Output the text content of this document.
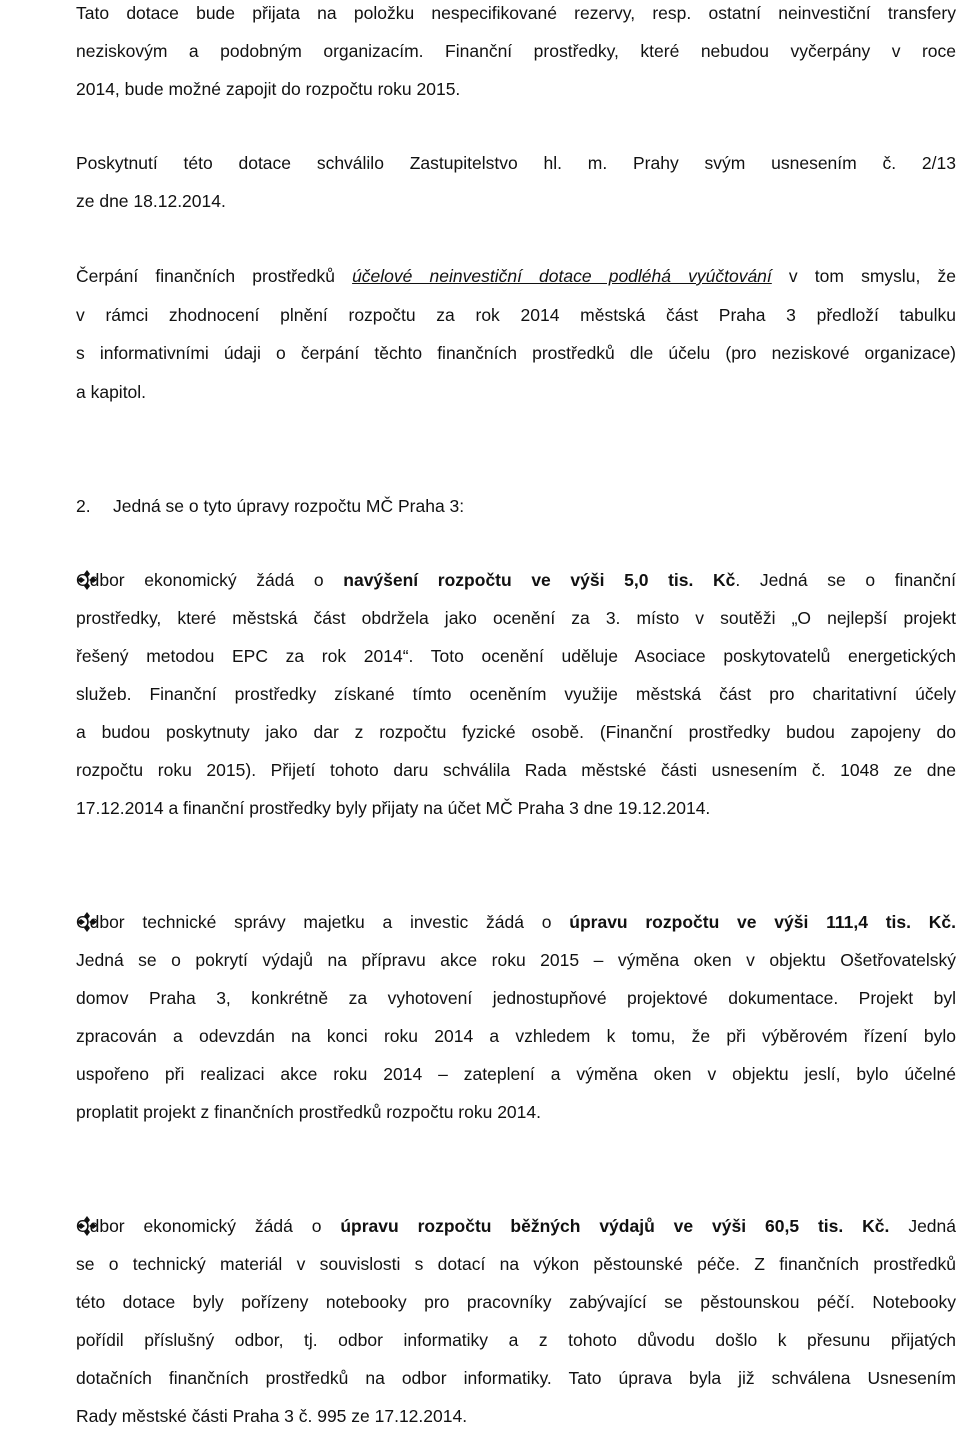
Tato dotace bude přijata na položku nespecifikované rezervy, resp. ostatní neinvestiční transfery
neziskovým a podobným organizacím. Finanční prostředky, které nebudou vyčerpány v roce
2014, bude možné zapojit do rozpočtu roku 2015.
Poskytnutí této dotace schválilo Zastupitelstvo hl. m. Prahy svým usnesením č. 2/13
ze dne 18.12.2014.
Čerpání finančních prostředků účelové neinvestiční dotace podléhá vyúčtování v tom smyslu, že
v rámci zhodnocení plnění rozpočtu za rok 2014 městská část Praha 3 předloží tabulku
s informativními údaji o čerpání těchto finančních prostředků dle účelu (pro neziskové organizace)
a kapitol.
2.	Jedná se o tyto úpravy rozpočtu MČ Praha 3:
Odbor ekonomický žádá o navýšení rozpočtu ve výši 5,0 tis. Kč. Jedná se o finanční
prostředky, které městská část obdržela jako ocenění za 3. místo v soutěži „O nejlepší projekt
řešený metodou EPC za rok 2014“. Toto ocenění uděluje Asociace poskytovatelů energetických
služeb. Finanční prostředky získané tímto oceněním využije městská část pro charitativní účely
a budou poskytnuty jako dar z rozpočtu fyzické osobě. (Finanční prostředky budou zapojeny do
rozpočtu roku 2015). Přijetí tohoto daru schválila Rada městské části usnesením č. 1048 ze dne
17.12.2014 a finanční prostředky byly přijaty na účet MČ Praha 3 dne 19.12.2014.
Odbor technické správy majetku a investic žádá o úpravu rozpočtu ve výši 111,4 tis. Kč.
Jedná se o pokrytí výdajů na přípravu akce roku 2015 – výměna oken v objektu Ošetřovatelský
domov Praha 3, konkrétně za vyhotovení jednostupňové projektové dokumentace. Projekt byl
zpracován a odevzdán na konci roku 2014 a vzhledem k tomu, že při výběrovém řízení bylo
uspořeno při realizaci akce roku 2014 – zateplení a výměna oken v objektu jeslí, bylo účelné
proplatit projekt z finančních prostředků rozpočtu roku 2014.
Odbor ekonomický žádá o úpravu rozpočtu běžných výdajů ve výši 60,5 tis. Kč. Jedná
se o technický materiál v souvislosti s dotací na výkon pěstounské péče. Z finančních prostředků
této dotace byly pořízeny notebooky pro pracovníky zabývající se pěstounskou péčí. Notebooky
pořídil příslušný odbor, tj. odbor informatiky a z tohoto důvodu došlo k přesunu přijatých
dotačních finančních prostředků na odbor informatiky. Tato úprava byla již schválena Usnesením
Rady městské části Praha 3 č. 995 ze 17.12.2014.
